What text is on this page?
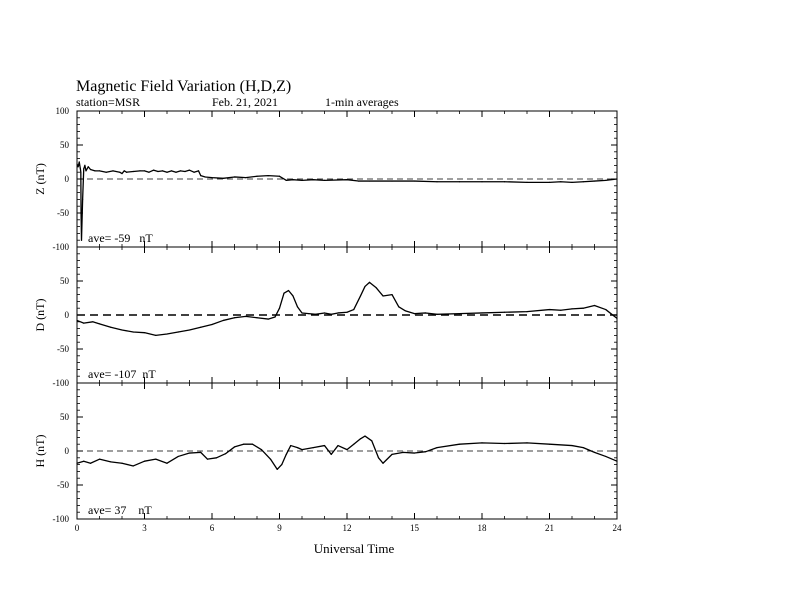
Magnetic Field Variation (H,D,Z)
station=MSR	Feb. 21, 2021	1-min averages
-100
-50
0
50
100
Z (nT)
ave= -59   nT
-100
-50
0
50
D (nT)
ave= -107  nT
-100
-50
0
50
H (nT)
ave= 37    nT
0	3	6	9	12	15	18	21	24
Universal Time
